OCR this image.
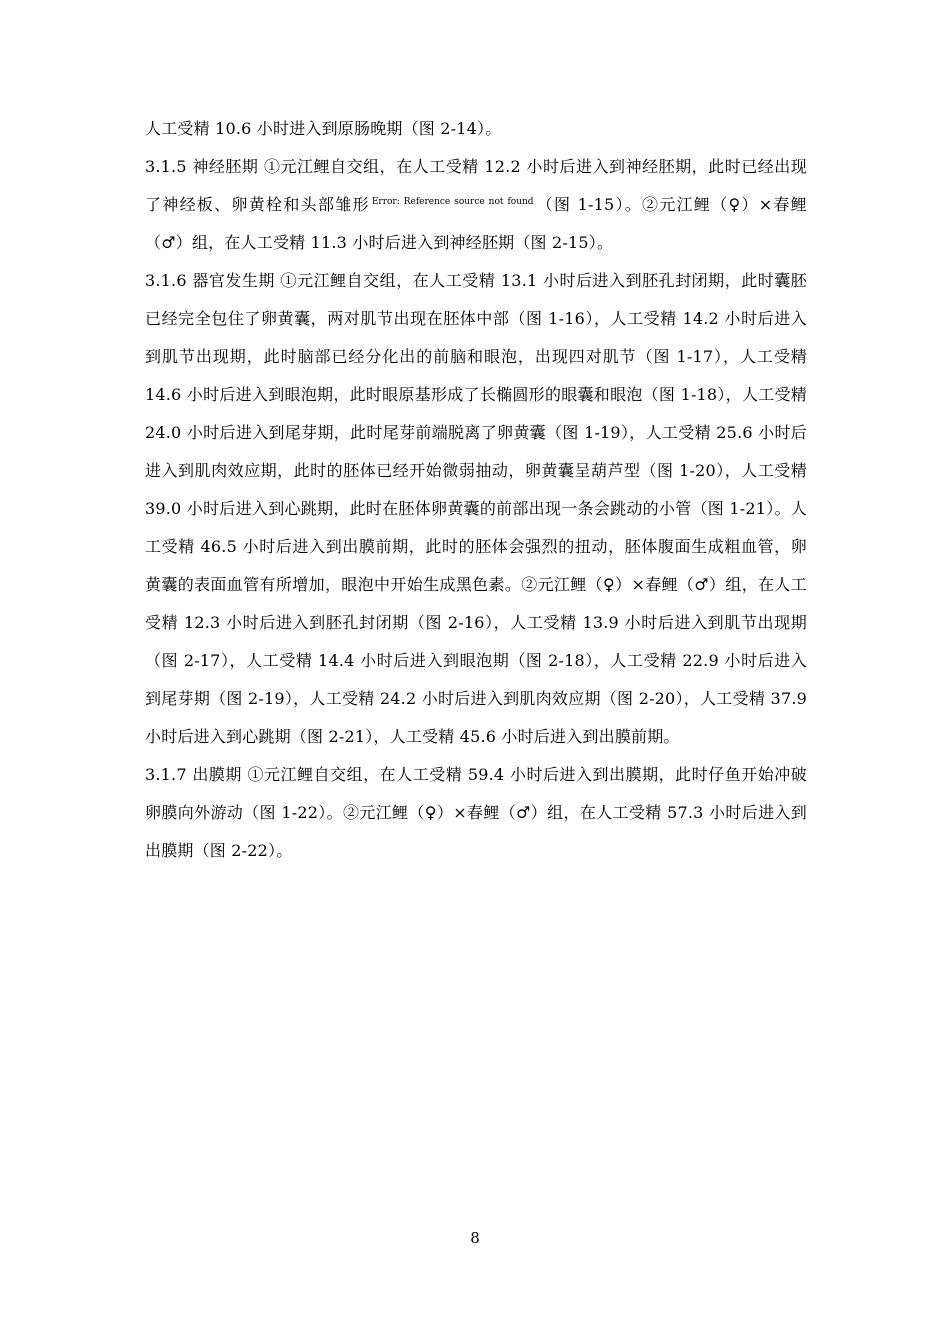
人工受精 10.6 小时进入到原肠晚期（图 2-14）。

3.1.5 神经胚期 ①元江鲤自交组，在人工受精 12.2 小时后进入到神经胚期，此时已经出现了神经板、卵黄栓和头部雏形 $^{Error: Reference source not found}$ （图 1-15）。②元江鲤（♀）×春鲤（♂）组，在人工受精 11.3 小时后进入到神经胚期（图 2-15）。

3.1.6 器官发生期 ①元江鲤自交组，在人工受精 13.1 小时后进入到胚孔封闭期，此时囊胚已经完全包住了卵黄囊，两对肌节出现在胚体中部（图 1-16），人工受精 14.2 小时后进入到肌节出现期，此时脑部已经分化出的前脑和眼泡，出现四对肌节（图 1-17），人工受精 14.6 小时后进入到眼泡期，此时眼原基形成了长椭圆形的眼囊和眼泡（图 1-18），人工受精 24.0 小时后进入到尾芽期，此时尾芽前端脱离了卵黄囊（图 1-19），人工受精 25.6 小时后进入到肌肉效应期，此时的胚体已经开始微弱抽动，卵黄囊呈葫芦型（图 1-20），人工受精 39.0 小时后进入到心跳期，此时在胚体卵黄囊的前部出现一条会跳动的小管（图 1-21）。人工受精 46.5 小时后进入到出膜前期，此时的胚体会强烈的扭动，胚体腹面生成粗血管，卵黄囊的表面血管有所增加，眼泡中开始生成黑色素。②元江鲤（♀）×春鲤（♂）组，在人工受精 12.3 小时后进入到胚孔封闭期（图 2-16），人工受精 13.9 小时后进入到肌节出现期（图 2-17），人工受精 14.4 小时后进入到眼泡期（图 2-18），人工受精 22.9 小时后进入到尾芽期（图 2-19），人工受精 24.2 小时后进入到肌肉效应期（图 2-20），人工受精 37.9 小时后进入到心跳期（图 2-21），人工受精 45.6 小时后进入到出膜前期。

3.1.7 出膜期 ①元江鲤自交组，在人工受精 59.4 小时后进入到出膜期，此时仔鱼开始冲破卵膜向外游动（图 1-22）。②元江鲤（♀）×春鲤（♂）组，在人工受精 57.3 小时后进入到出膜期（图 2-22）。

8
